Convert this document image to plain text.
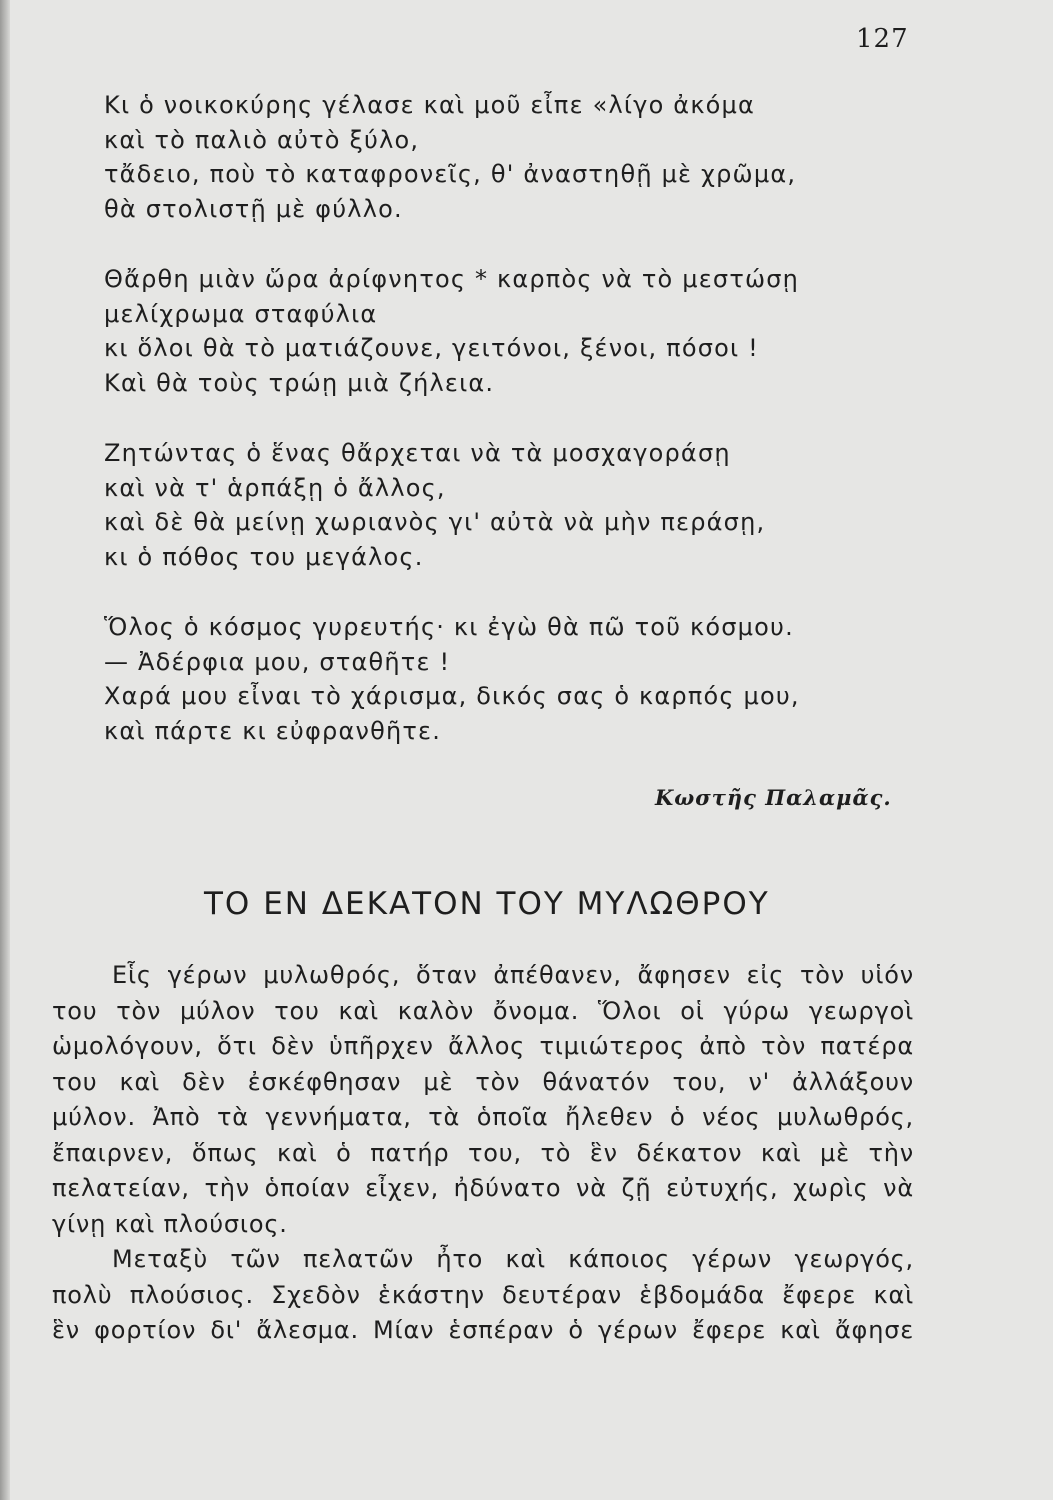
127
Κι ὁ νοικοκύρης γέλασε καὶ μοῦ εἶπε «λίγο ἀκόμα
καὶ τὸ παλιὸ αὐτὸ ξύλο,
τἄδειο, ποὺ τὸ καταφρονεῖς, θ' ἀναστηθῇ μὲ χρῶμα,
θὰ στολιστῇ μὲ φύλλο.
Θἄρθη μιὰν ὥρα ἀρίφνητος * καρπὸς νὰ τὸ μεστώσῃ
μελίχρωμα σταφύλια
κι ὅλοι θὰ τὸ ματιάζουνε, γειτόνοι, ξένοι, πόσοι !
Καὶ θὰ τοὺς τρώῃ μιὰ ζήλεια.
Ζητώντας ὁ ἕνας θἄρχεται νὰ τὰ μοσχαγοράσῃ
καὶ νὰ τ' ἁρπάξῃ ὁ ἄλλος,
καὶ δὲ θὰ μείνῃ χωριανὸς γι' αὐτὰ νὰ μὴν περάσῃ,
κι ὁ πόθος του μεγάλος.
Ὅλος ὁ κόσμος γυρευτής· κι ἐγὼ θὰ πῶ τοῦ κόσμου.
— Ἀδέρφια μου, σταθῆτε !
Χαρά μου εἶναι τὸ χάρισμα, δικός σας ὁ καρπός μου,
καὶ πάρτε κι εὐφρανθῆτε.
Κωστῆς Παλαμᾶς.
ΤΟ ΕΝ ΔΕΚΑΤΟΝ ΤΟΥ ΜΥΛΩΘΡΟΥ
Εἷς γέρων μυλωθρός, ὅταν ἀπέθανεν, ἄφησεν εἰς τὸν υἱόν
του τὸν μύλον του καὶ καλὸν ὄνομα. Ὅλοι οἱ γύρω γεωργοὶ
ὡμολόγουν, ὅτι δὲν ὑπῆρχεν ἄλλος τιμιώτερος ἀπὸ τὸν πατέρα
του καὶ δὲν ἐσκέφθησαν μὲ τὸν θάνατόν του, ν' ἀλλάξουν
μύλον. Ἀπὸ τὰ γεννήματα, τὰ ὁποῖα ἤλεθεν ὁ νέος μυλωθρός,
ἔπαιρνεν, ὅπως καὶ ὁ πατήρ του, τὸ ἓν δέκατον καὶ μὲ τὴν
πελατείαν, τὴν ὁποίαν εἶχεν, ἠδύνατο νὰ ζῇ εὐτυχής, χωρὶς νὰ
γίνῃ καὶ πλούσιος.
Μεταξὺ τῶν πελατῶν ἦτο καὶ κάποιος γέρων γεωργός,
πολὺ πλούσιος. Σχεδὸν ἑκάστην δευτέραν ἑβδομάδα ἔφερε καὶ
ἓν φορτίον δι' ἄλεσμα. Μίαν ἑσπέραν ὁ γέρων ἔφερε καὶ ἄφησε
